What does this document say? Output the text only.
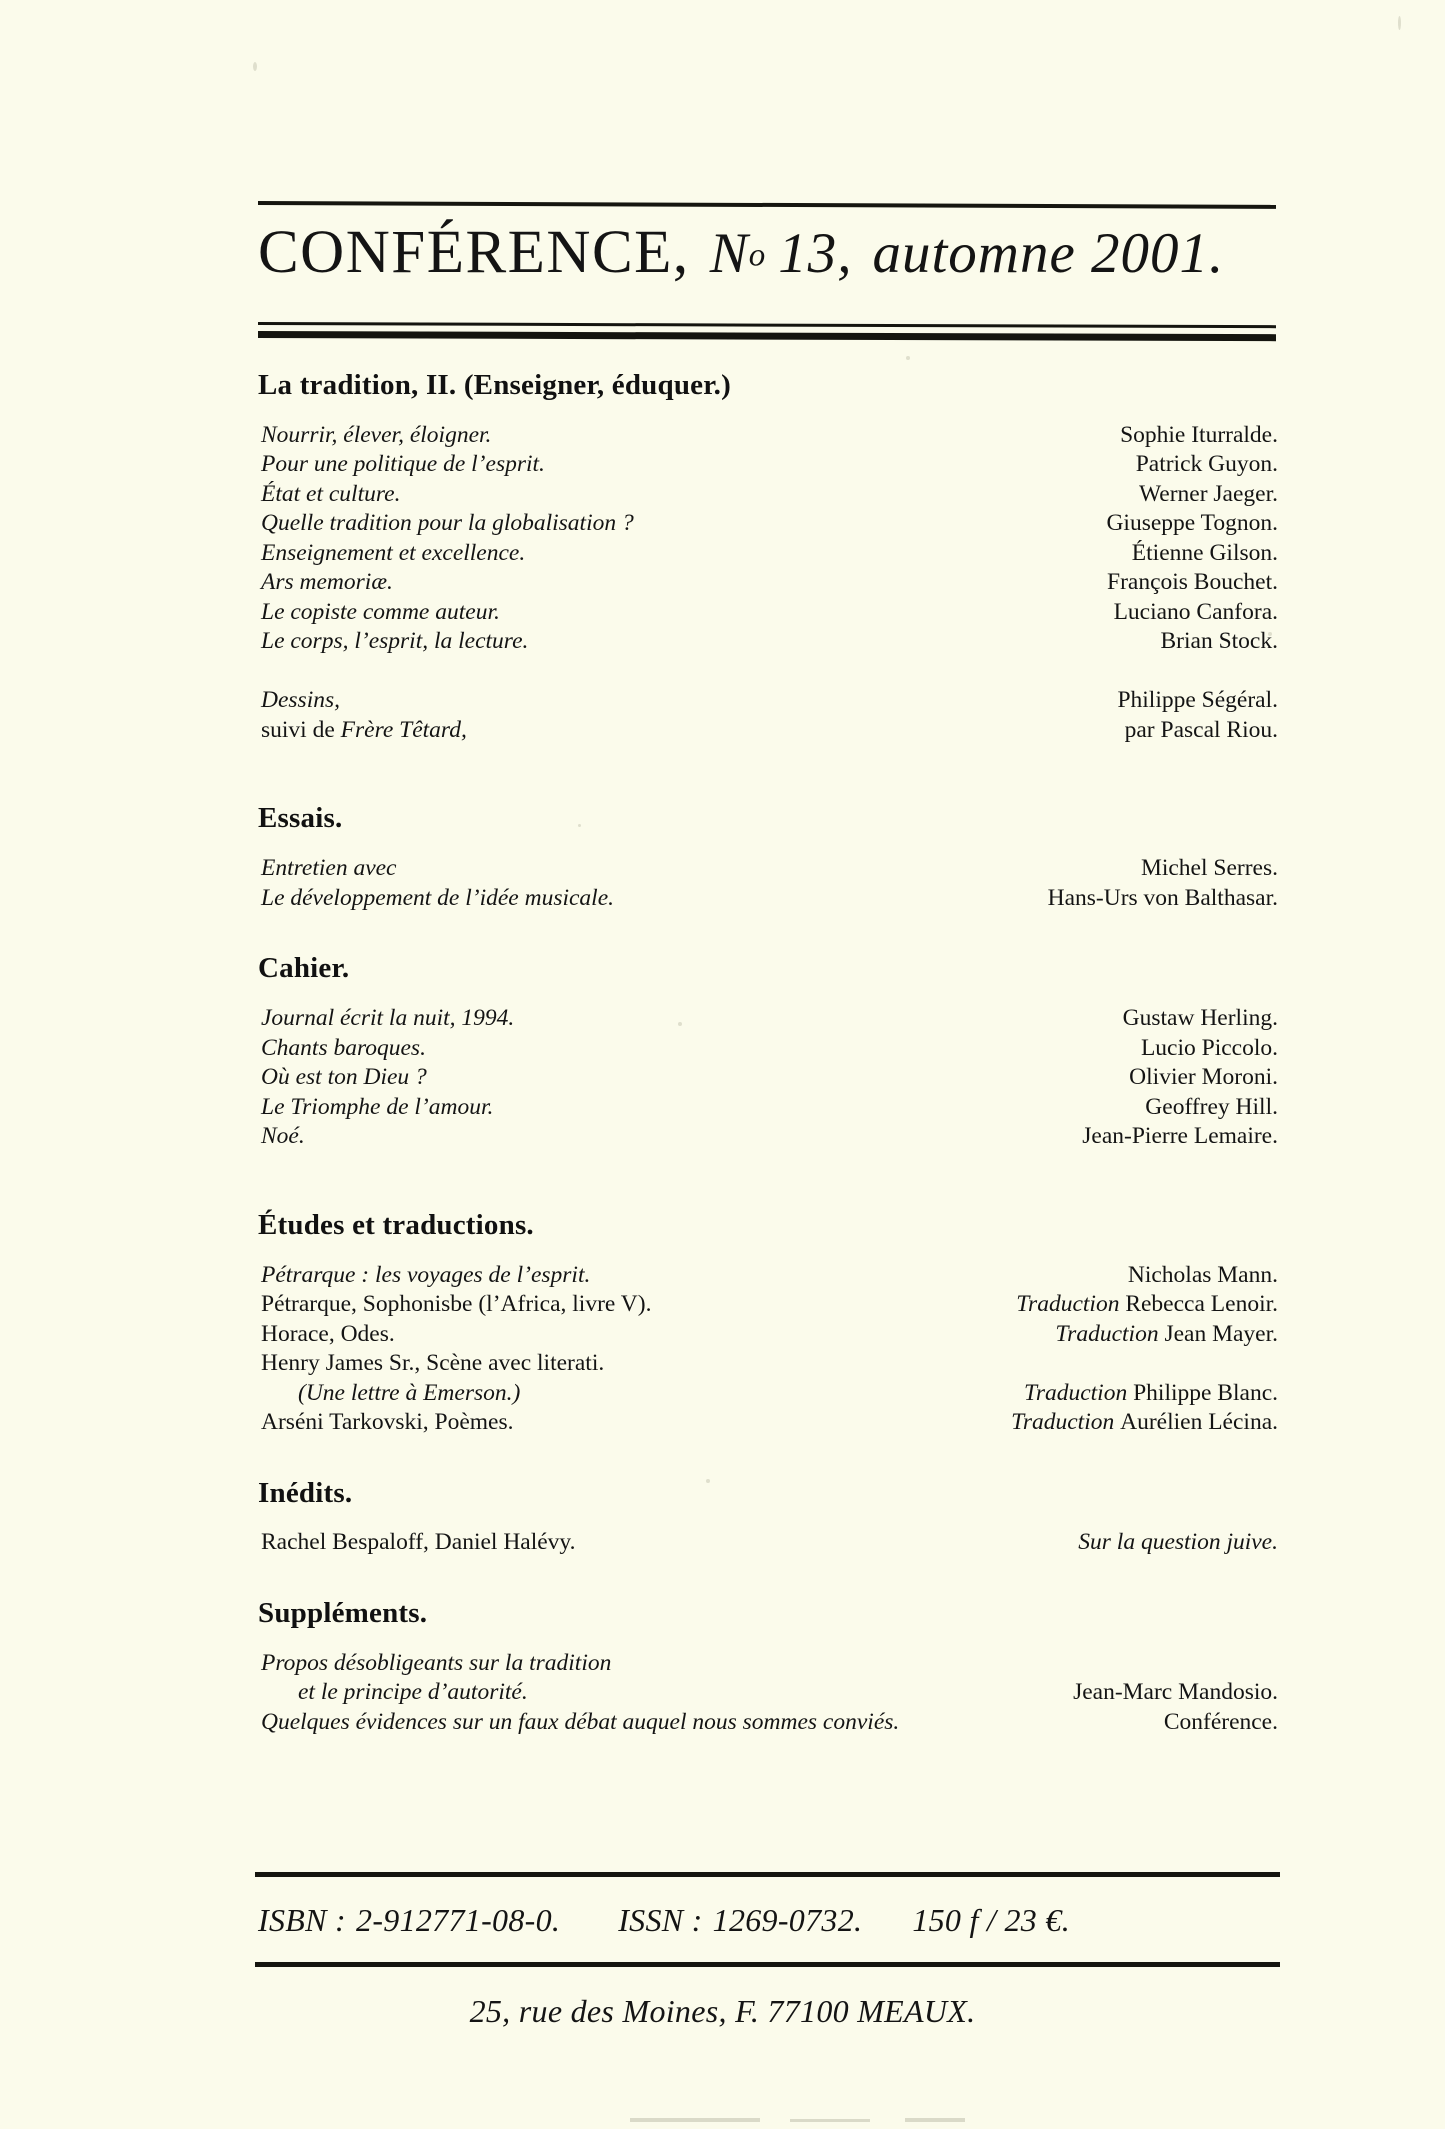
CONFÉRENCE, No 13, automne 2001.
La tradition, II. (Enseigner, éduquer.)
Nourrir, élever, éloigner.	Sophie Iturralde.
Pour une politique de l’esprit.	Patrick Guyon.
État et culture.	Werner Jaeger.
Quelle tradition pour la globalisation ?	Giuseppe Tognon.
Enseignement et excellence.	Étienne Gilson.
Ars memoriæ.	François Bouchet.
Le copiste comme auteur.	Luciano Canfora.
Le corps, l’esprit, la lecture.	Brian Stock.
Dessins,	Philippe Ségéral.
suivi de Frère Têtard,	par Pascal Riou.
Essais.
Entretien avec	Michel Serres.
Le développement de l’idée musicale.	Hans-Urs von Balthasar.
Cahier.
Journal écrit la nuit, 1994.	Gustaw Herling.
Chants baroques.	Lucio Piccolo.
Où est ton Dieu ?	Olivier Moroni.
Le Triomphe de l’amour.	Geoffrey Hill.
Noé.	Jean-Pierre Lemaire.
Études et traductions.
Pétrarque : les voyages de l’esprit.	Nicholas Mann.
Pétrarque, Sophonisbe (l’Africa, livre V).	Traduction Rebecca Lenoir.
Horace, Odes.	Traduction Jean Mayer.
Henry James Sr., Scène avec literati.
(Une lettre à Emerson.)	Traduction Philippe Blanc.
Arséni Tarkovski, Poèmes.	Traduction Aurélien Lécina.
Inédits.
Rachel Bespaloff, Daniel Halévy.	Sur la question juive.
Suppléments.
Propos désobligeants sur la tradition
et le principe d’autorité.	Jean-Marc Mandosio.
Quelques évidences sur un faux débat auquel nous sommes conviés.	Conférence.
ISBN : 2-912771-08-0. ISSN : 1269-0732. 150 f / 23 €.
25, rue des Moines, F. 77100 MEAUX.
